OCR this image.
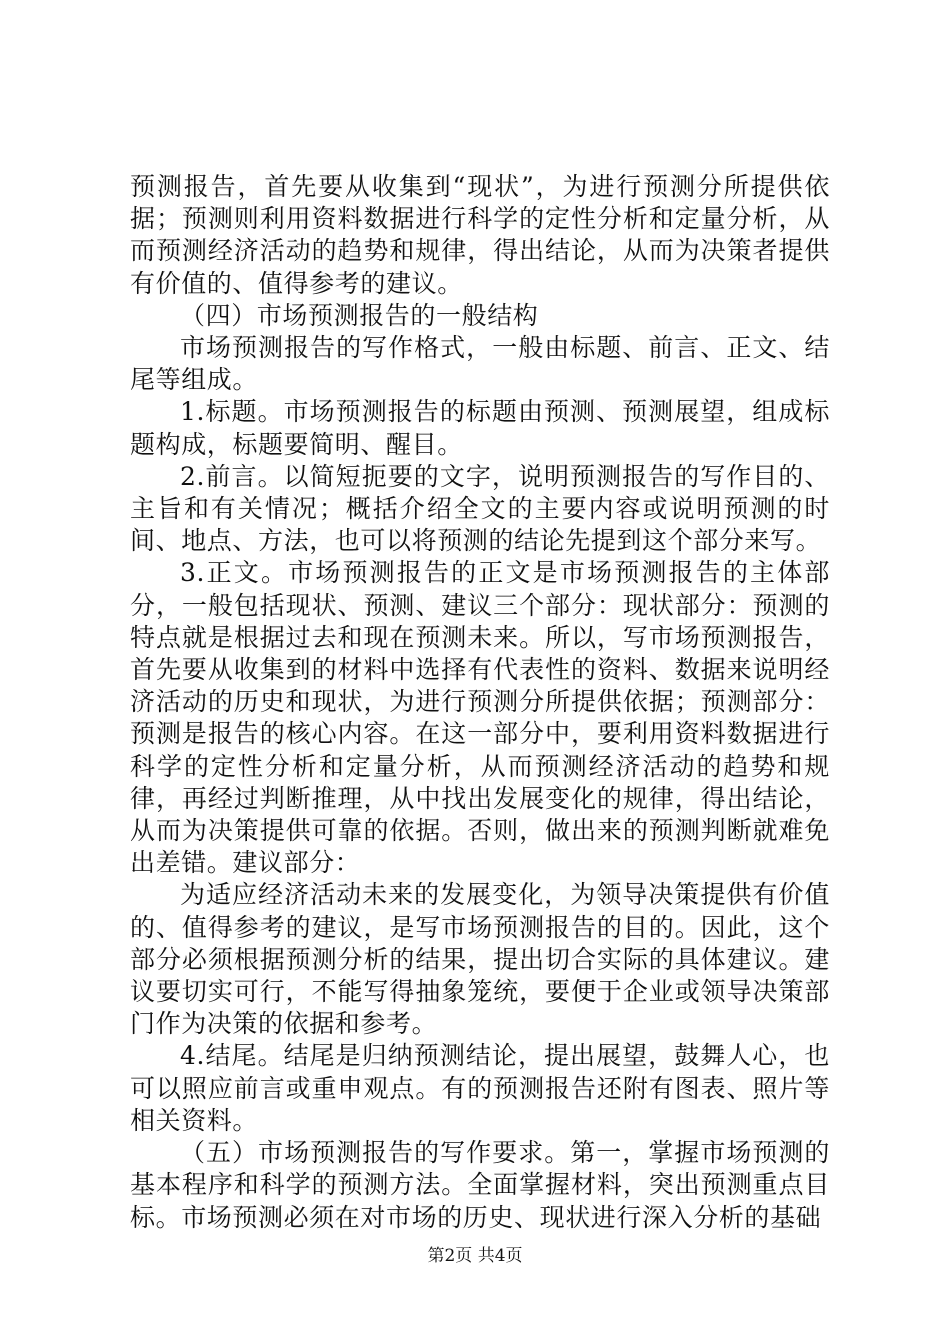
预测报告，首先要从收集到“现状”，为进行预测分所提供依据；预测则利用资料数据进行科学的定性分析和定量分析，从而预测经济活动的趋势和规律，得出结论，从而为决策者提供有价值的、值得参考的建议。

（四）市场预测报告的一般结构

市场预测报告的写作格式，一般由标题、前言、正文、结尾等组成。

1.标题。市场预测报告的标题由预测、预测展望，组成标题构成，标题要简明、醒目。

2.前言。以简短扼要的文字，说明预测报告的写作目的、主旨和有关情况；概括介绍全文的主要内容或说明预测的时间、地点、方法，也可以将预测的结论先提到这个部分来写。

3.正文。市场预测报告的正文是市场预测报告的主体部分，一般包括现状、预测、建议三个部分：现状部分：预测的特点就是根据过去和现在预测未来。所以，写市场预测报告，首先要从收集到的材料中选择有代表性的资料、数据来说明经济活动的历史和现状，为进行预测分所提供依据；预测部分：预测是报告的核心内容。在这一部分中，要利用资料数据进行科学的定性分析和定量分析，从而预测经济活动的趋势和规律，再经过判断推理，从中找出发展变化的规律，得出结论，从而为决策提供可靠的依据。否则，做出来的预测判断就难免出差错。建议部分：

为适应经济活动未来的发展变化，为领导决策提供有价值的、值得参考的建议，是写市场预测报告的目的。因此，这个部分必须根据预测分析的结果，提出切合实际的具体建议。建议要切实可行，不能写得抽象笼统，要便于企业或领导决策部门作为决策的依据和参考。

4.结尾。结尾是归纳预测结论，提出展望，鼓舞人心，也可以照应前言或重申观点。有的预测报告还附有图表、照片等相关资料。

（五）市场预测报告的写作要求。第一，掌握市场预测的基本程序和科学的预测方法。全面掌握材料，突出预测重点目标。市场预测必须在对市场的历史、现状进行深入分析的基础

第2页 共4页
